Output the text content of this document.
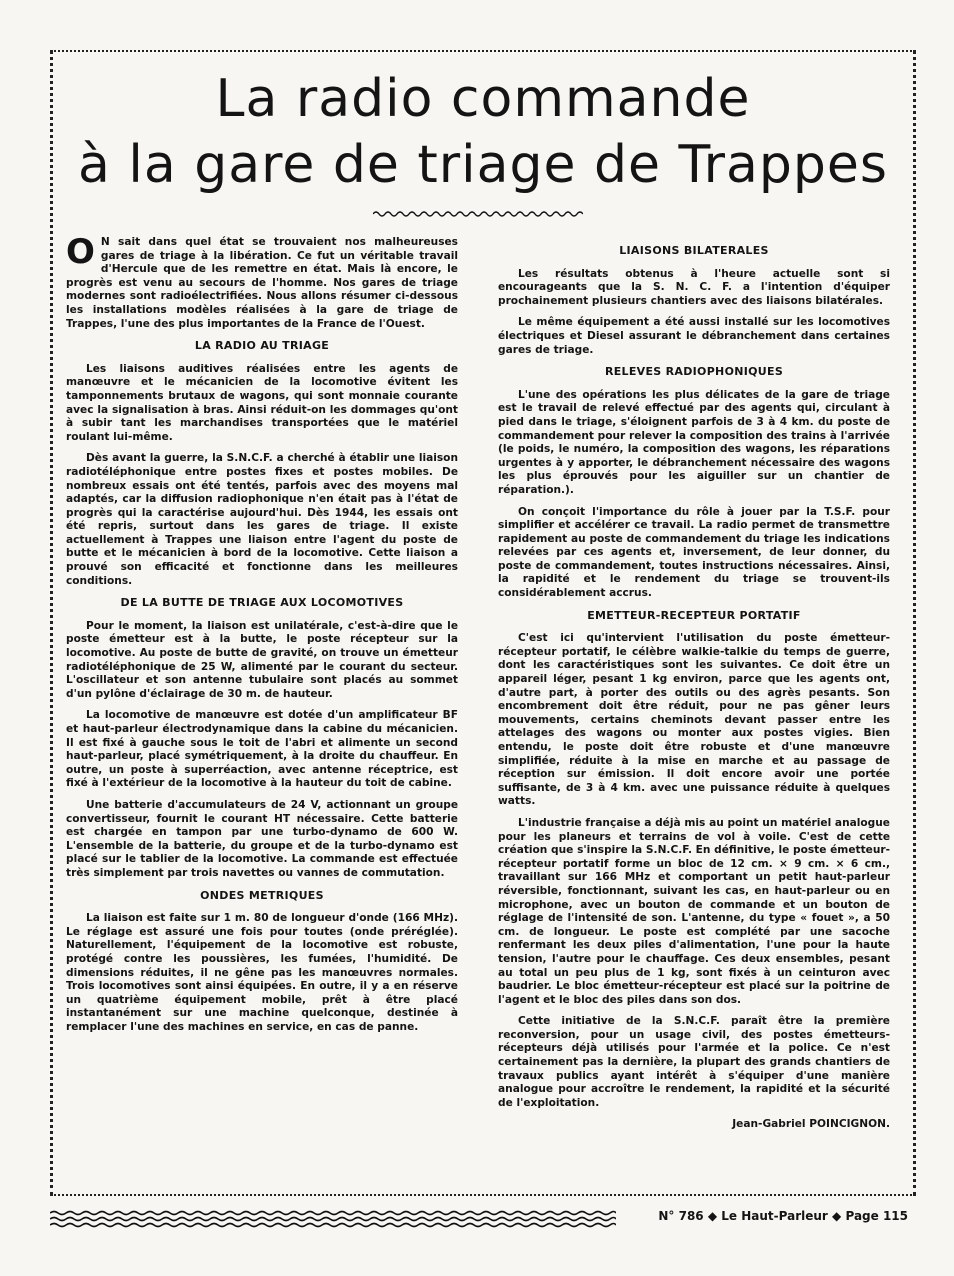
La radio commande
à la gare de triage de Trappes

O N sait dans quel état se trouvaient nos malheureuses gares de triage à la libération. Ce fut un véritable travail d'Hercule que de les remettre en état. Mais là encore, le progrès est venu au secours de l'homme. Nos gares de triage modernes sont radioélectrifiées. Nous allons résumer ci-dessous les installations modèles réalisées à la gare de triage de Trappes, l'une des plus importantes de la France de l'Ouest.

LA RADIO AU TRIAGE

Les liaisons auditives réalisées entre les agents de manœuvre et le mécanicien de la locomotive évitent les tamponnements brutaux de wagons, qui sont monnaie courante avec la signalisation à bras. Ainsi réduit-on les dommages qu'ont à subir tant les marchandises transportées que le matériel roulant lui-même.

Dès avant la guerre, la S.N.C.F. a cherché à établir une liaison radiotéléphonique entre postes fixes et postes mobiles. De nombreux essais ont été tentés, parfois avec des moyens mal adaptés, car la diffusion radiophonique n'en était pas à l'état de progrès qui la caractérise aujourd'hui. Dès 1944, les essais ont été repris, surtout dans les gares de triage. Il existe actuellement à Trappes une liaison entre l'agent du poste de butte et le mécanicien à bord de la locomotive. Cette liaison a prouvé son efficacité et fonctionne dans les meilleures conditions.

DE LA BUTTE DE TRIAGE AUX LOCOMOTIVES

Pour le moment, la liaison est unilatérale, c'est-à-dire que le poste émetteur est à la butte, le poste récepteur sur la locomotive. Au poste de butte de gravité, on trouve un émetteur radiotéléphonique de 25 W, alimenté par le courant du secteur. L'oscillateur et son antenne tubulaire sont placés au sommet d'un pylône d'éclairage de 30 m. de hauteur.

La locomotive de manœuvre est dotée d'un amplificateur BF et haut-parleur électrodynamique dans la cabine du mécanicien. Il est fixé à gauche sous le toit de l'abri et alimente un second haut-parleur, placé symétriquement, à la droite du chauffeur. En outre, un poste à superréaction, avec antenne réceptrice, est fixé à l'extérieur de la locomotive à la hauteur du toit de cabine.

Une batterie d'accumulateurs de 24 V, actionnant un groupe convertisseur, fournit le courant HT nécessaire. Cette batterie est chargée en tampon par une turbo-dynamo de 600 W. L'ensemble de la batterie, du groupe et de la turbo-dynamo est placé sur le tablier de la locomotive. La commande est effectuée très simplement par trois navettes ou vannes de commutation.

ONDES METRIQUES

La liaison est faite sur 1 m. 80 de longueur d'onde (166 MHz). Le réglage est assuré une fois pour toutes (onde préréglée). Naturellement, l'équipement de la locomotive est robuste, protégé contre les poussières, les fumées, l'humidité. De dimensions réduites, il ne gêne pas les manœuvres normales. Trois locomotives sont ainsi équipées. En outre, il y a en réserve un quatrième équipement mobile, prêt à être placé instantanément sur une machine quelconque, destinée à remplacer l'une des machines en service, en cas de panne.

LIAISONS BILATERALES

Les résultats obtenus à l'heure actuelle sont si encourageants que la S. N. C. F. a l'intention d'équiper prochainement plusieurs chantiers avec des liaisons bilatérales.

Le même équipement a été aussi installé sur les locomotives électriques et Diesel assurant le débranchement dans certaines gares de triage.

RELEVES RADIOPHONIQUES

L'une des opérations les plus délicates de la gare de triage est le travail de relevé effectué par des agents qui, circulant à pied dans le triage, s'éloignent parfois de 3 à 4 km. du poste de commandement pour relever la composition des trains à l'arrivée (le poids, le numéro, la composition des wagons, les réparations urgentes à y apporter, le débranchement nécessaire des wagons les plus éprouvés pour les aiguiller sur un chantier de réparation.).

On conçoit l'importance du rôle à jouer par la T.S.F. pour simplifier et accélérer ce travail. La radio permet de transmettre rapidement au poste de commandement du triage les indications relevées par ces agents et, inversement, de leur donner, du poste de commandement, toutes instructions nécessaires. Ainsi, la rapidité et le rendement du triage se trouvent-ils considérablement accrus.

EMETTEUR-RECEPTEUR PORTATIF

C'est ici qu'intervient l'utilisation du poste émetteur-récepteur portatif, le célèbre walkie-talkie du temps de guerre, dont les caractéristiques sont les suivantes. Ce doit être un appareil léger, pesant 1 kg environ, parce que les agents ont, d'autre part, à porter des outils ou des agrès pesants. Son encombrement doit être réduit, pour ne pas gêner leurs mouvements, certains cheminots devant passer entre les attelages des wagons ou monter aux postes vigies. Bien entendu, le poste doit être robuste et d'une manœuvre simplifiée, réduite à la mise en marche et au passage de réception sur émission. Il doit encore avoir une portée suffisante, de 3 à 4 km. avec une puissance réduite à quelques watts.

L'industrie française a déjà mis au point un matériel analogue pour les planeurs et terrains de vol à voile. C'est de cette création que s'inspire la S.N.C.F. En définitive, le poste émetteur-récepteur portatif forme un bloc de 12 cm. × 9 cm. × 6 cm., travaillant sur 166 MHz et comportant un petit haut-parleur réversible, fonctionnant, suivant les cas, en haut-parleur ou en microphone, avec un bouton de commande et un bouton de réglage de l'intensité de son. L'antenne, du type « fouet », a 50 cm. de longueur. Le poste est complété par une sacoche renfermant les deux piles d'alimentation, l'une pour la haute tension, l'autre pour le chauffage. Ces deux ensembles, pesant au total un peu plus de 1 kg, sont fixés à un ceinturon avec baudrier. Le bloc émetteur-récepteur est placé sur la poitrine de l'agent et le bloc des piles dans son dos.

Cette initiative de la S.N.C.F. paraît être la première reconversion, pour un usage civil, des postes émetteurs-récepteurs déjà utilisés pour l'armée et la police. Ce n'est certainement pas la dernière, la plupart des grands chantiers de travaux publics ayant intérêt à s'équiper d'une manière analogue pour accroître le rendement, la rapidité et la sécurité de l'exploitation.

Jean-Gabriel POINCIGNON.

N° 786 ◆ Le Haut-Parleur ◆ Page 115
